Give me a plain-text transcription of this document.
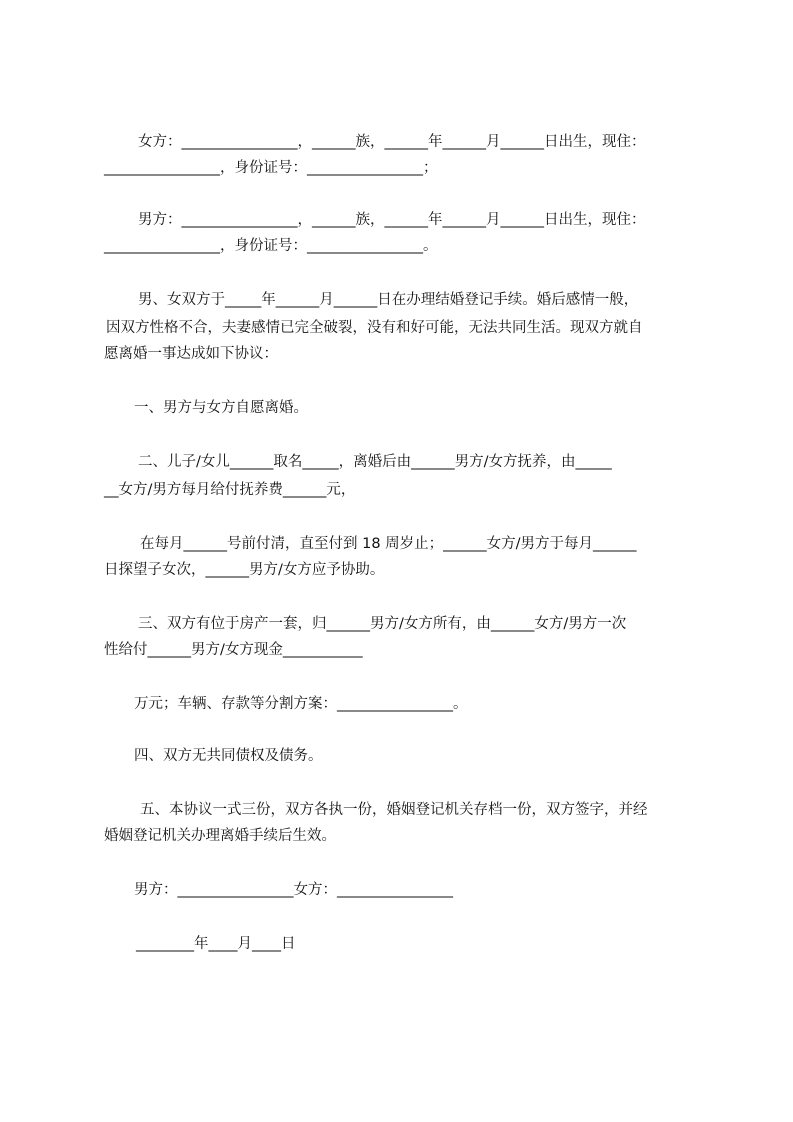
女方：________________，______族，______年______月______日出生，现住：
________________，身份证号：________________；
男方：________________，______族，______年______月______日出生，现住：
________________，身份证号：________________。
男、女双方于_____年______月______日在办理结婚登记手续。婚后感情一般，
因双方性格不合，夫妻感情已完全破裂，没有和好可能，无法共同生活。现双方就自
愿离婚一事达成如下协议：
一、男方与女方自愿离婚。
二、儿子/女儿______取名_____，离婚后由______男方/女方抚养，由_____
__女方/男方每月给付抚养费______元，
在每月______号前付清，直至付到 18 周岁止；______女方/男方于每月______
日探望子女次，______男方/女方应予协助。
三、双方有位于房产一套，归______男方/女方所有，由______女方/男方一次
性给付______男方/女方现金___________
万元；车辆、存款等分割方案：________________。
四、双方无共同债权及债务。
五、本协议一式三份，双方各执一份，婚姻登记机关存档一份，双方签字，并经
婚姻登记机关办理离婚手续后生效。
男方：________________女方：________________
________年____月____日
